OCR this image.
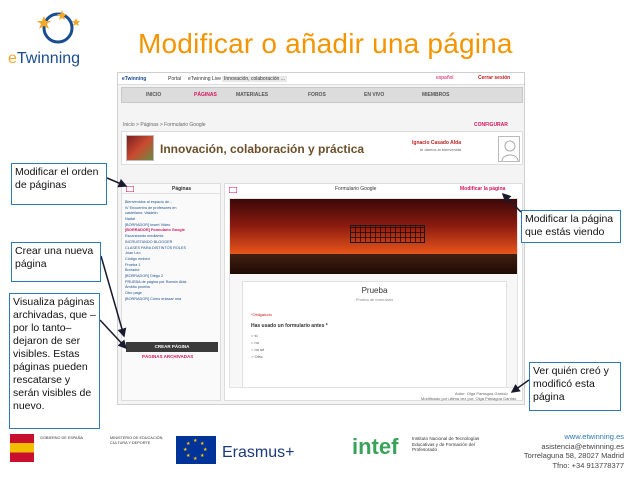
eTwinning Modificar o añadir una página
eTwinning	Portal eTwinning Live Innovación, colaboración ...	español	Cerrar sesión
INICIO	PÁGINAS	MATERIALES	FOROS	EN VIVO	MIEMBROS
Inicio > Páginas > Formulario Google	CONFIGURAR
Innovación, colaboración y práctica	Ignacio Casado Alda
te damos la bienvenida
Páginas
Bienvenidos al espacio de...
IV Encuentro de profesores en
castellano: Valdelín
Nadal
[BORRADOR] Insert Video
[BORRADOR] Formulario Google
Escaneando mediamix
INCRUSTANDO BLOGGER
CLASES PARA DISTINTOS ROLES
Joan Leo
Código embed
Prueba 1
Borrador
[BORRADOR] Diego 2
PRUEBA de página por Ramón Alda
Ámbito prueba
Otro page
[BORRADOR] Cómo enlazar una
CREAR PÁGINA
PÁGINAS ARCHIVADAS
Formulario Google	Modificar la página
Prueba
Prueba de formulario
*Obligatorio
Has usado un formulario antes *
○ sí
○ no
○ no sé
○ Otro:
Autor: Olga Paniagua Garrido
Modificado por última vez por: Olga Paniagua Garrido
Modificar el orden de páginas
Crear una nueva página
Visualiza páginas archivadas, que –por lo tanto– dejaron de ser visibles. Estas páginas pueden rescatarse y serán visibles de nuevo.
Modificar la página que estás viendo
Ver quién creó y modificó esta página
GOBIERNO DE ESPAÑA	MINISTERIO DE EDUCACIÓN, CULTURA Y DEPORTE	★ ★
★
★
★
★
★
★ Erasmus+	intef	Instituto Nacional de Tecnologías Educativas y de Formación del Profesorado
www.etwinning.es
asistencia@etwinning.es
Torrelaguna 58, 28027 Madrid
Tfno: +34 913778377
